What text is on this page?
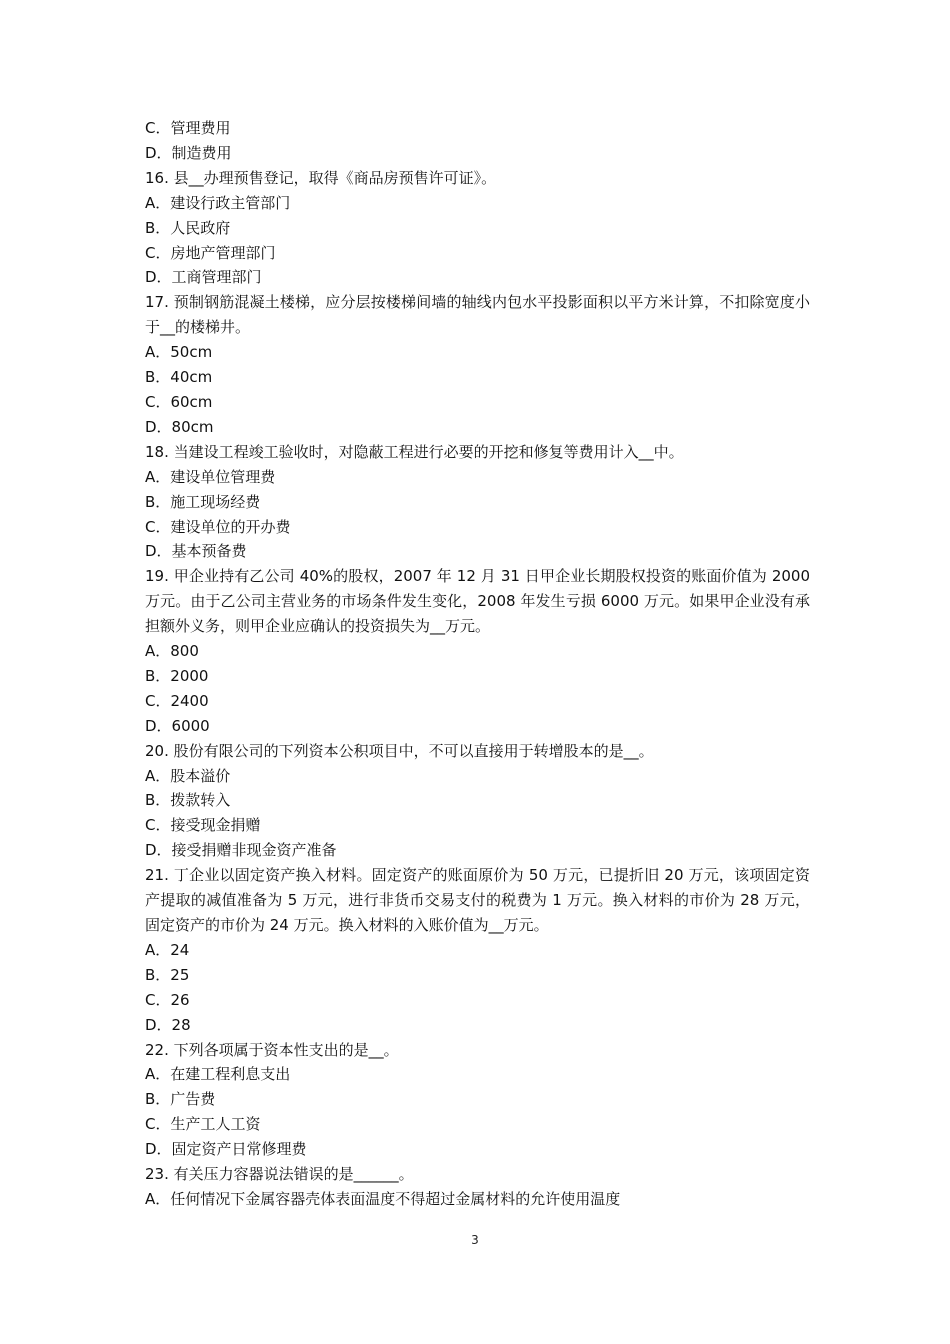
C．管理费用
D．制造费用
16. 县__办理预售登记，取得《商品房预售许可证》。
A．建设行政主管部门
B．人民政府
C．房地产管理部门
D．工商管理部门
17. 预制钢筋混凝土楼梯，应分层按楼梯间墙的轴线内包水平投影面积以平方米计算，不扣除宽度小于__的楼梯井。
A．50cm
B．40cm
C．60cm
D．80cm
18. 当建设工程竣工验收时，对隐蔽工程进行必要的开挖和修复等费用计入__中。
A．建设单位管理费
B．施工现场经费
C．建设单位的开办费
D．基本预备费
19. 甲企业持有乙公司 40%的股权，2007 年 12 月 31 日甲企业长期股权投资的账面价值为 2000 万元。由于乙公司主营业务的市场条件发生变化，2008 年发生亏损 6000 万元。如果甲企业没有承担额外义务，则甲企业应确认的投资损失为__万元。
A．800
B．2000
C．2400
D．6000
20. 股份有限公司的下列资本公积项目中，不可以直接用于转增股本的是__。
A．股本溢价
B．拨款转入
C．接受现金捐赠
D．接受捐赠非现金资产准备
21. 丁企业以固定资产换入材料。固定资产的账面原价为 50 万元，已提折旧 20 万元，该项固定资产提取的减值准备为 5 万元，进行非货币交易支付的税费为 1 万元。换入材料的市价为 28 万元，固定资产的市价为 24 万元。换入材料的入账价值为__万元。
A．24
B．25
C．26
D．28
22. 下列各项属于资本性支出的是__。
A．在建工程利息支出
B．广告费
C．生产工人工资
D．固定资产日常修理费
23. 有关压力容器说法错误的是______。
A．任何情况下金属容器壳体表面温度不得超过金属材料的允许使用温度
3
